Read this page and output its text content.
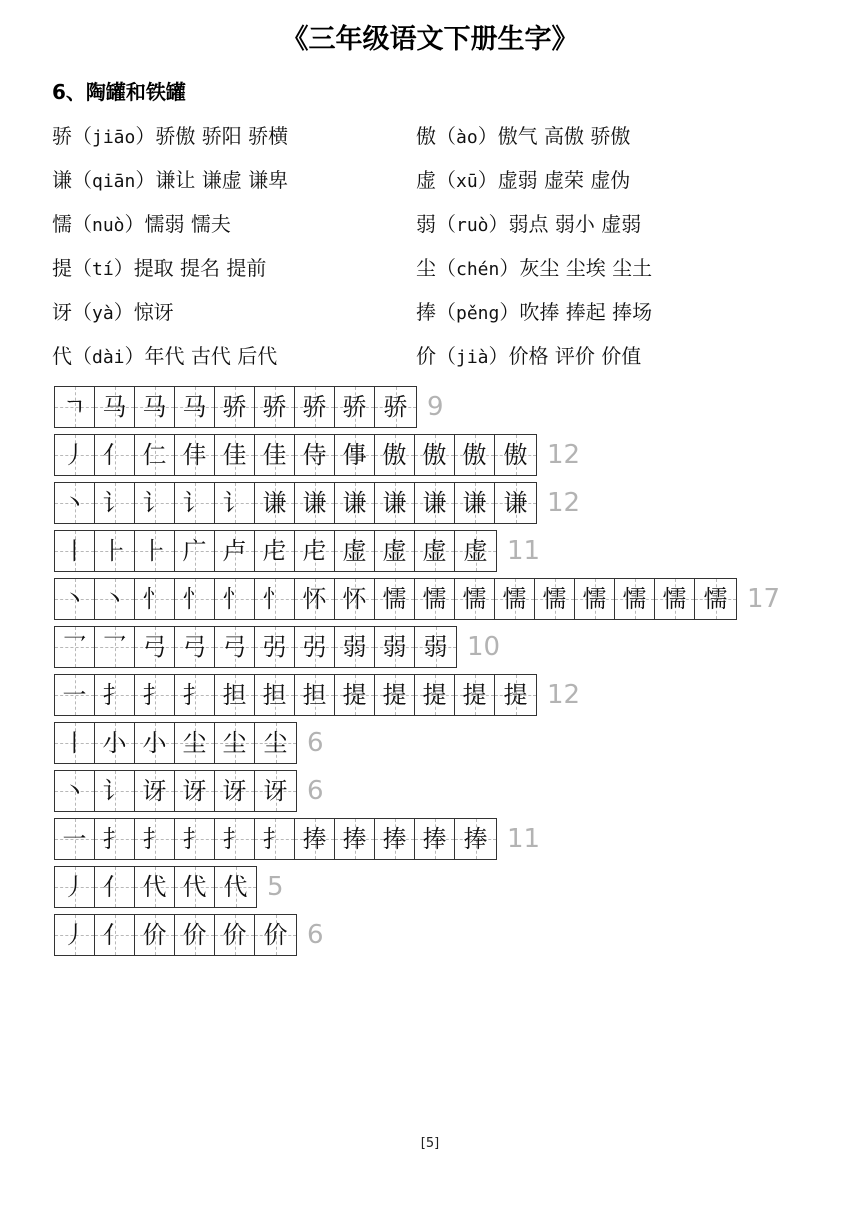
《三年级语文下册生字》
6、陶罐和铁罐
骄（jiāo）骄傲 骄阳 骄横	傲（ào）傲气 高傲 骄傲
谦（qiān）谦让 谦虚 谦卑	虚（xū）虚弱 虚荣 虚伪
懦（nuò）懦弱 懦夫	弱（ruò）弱点 弱小 虚弱
提（tí）提取 提名 提前	尘（chén）灰尘 尘埃 尘土
讶（yà）惊讶	捧（pěng）吹捧 捧起 捧场
代（dài）年代 古代 后代	价（jià）价格 评价 价值
ㄱ 马 马 马 骄 骄 骄 骄 骄 9
丿 亻 仁 仹 佳 佳 侍 倳 傲 傲 傲 傲 12
丶 讠 讠 讠 讠 谦 谦 谦 谦 谦 谦 谦 12
丨 ⺊ ⺊ 广 卢 虍 虍 虚 虚 虚 虚 11
丶 丶 忄 忄 忄 忄 怀 怀 懦 懦 懦 懦 懦 懦 懦 懦 懦 17
乛 乛 弓 弓 弓 弜 弜 弱 弱 弱 10
一 扌 扌 扌 担 担 担 提 提 提 提 提 12
丨 小 小 尘 尘 尘 6
丶 讠 讶 讶 讶 讶 6
一 扌 扌 扌 扌 扌 捧 捧 捧 捧 捧 11
丿 亻 代 代 代 5
丿 亻 价 价 价 价 6
[5]
